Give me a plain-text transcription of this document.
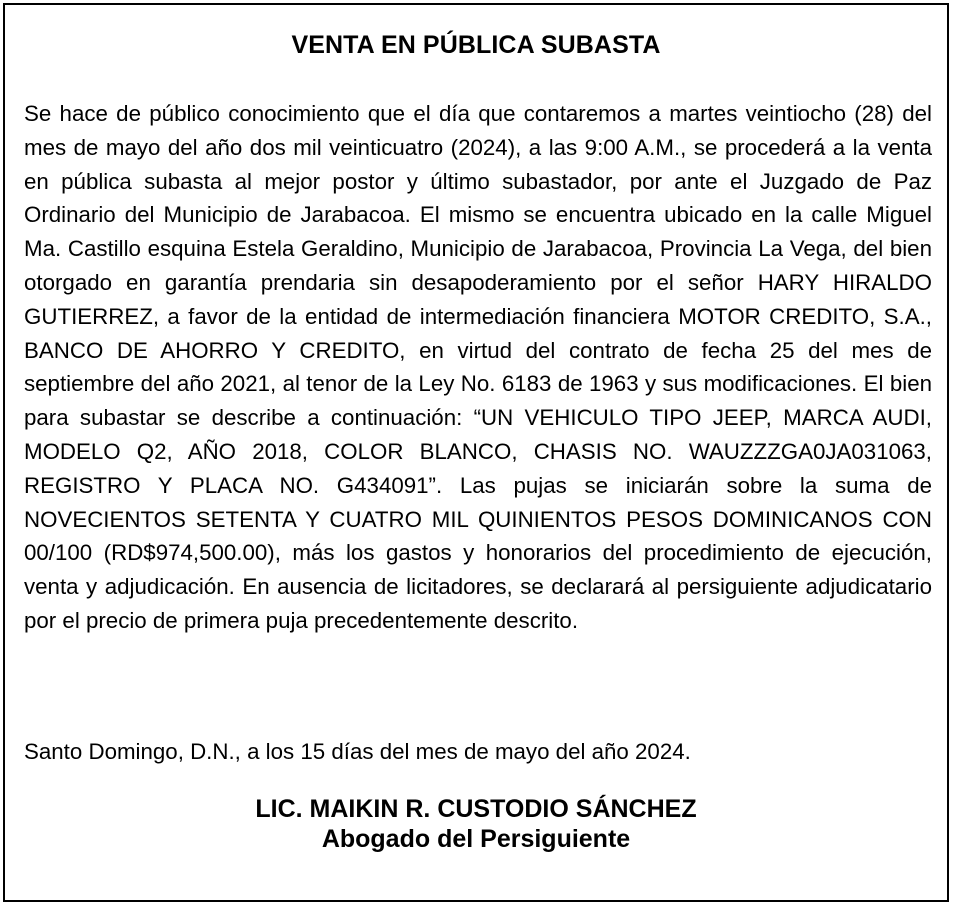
VENTA EN PÚBLICA SUBASTA

Se hace de público conocimiento que el día que contaremos a martes veintiocho (28) del mes de mayo del año dos mil veinticuatro (2024), a las 9:00 A.M., se procederá a la venta en pública subasta al mejor postor y último subastador, por ante el Juzgado de Paz Ordinario del Municipio de Jarabacoa. El mismo se encuentra ubicado en la calle Miguel Ma. Castillo esquina Estela Geraldino, Municipio de Jarabacoa, Provincia La Vega, del bien otorgado en garantía prendaria sin desapoderamiento por el señor HARY HIRALDO GUTIERREZ, a favor de la entidad de intermediación financiera MOTOR CREDITO, S.A., BANCO DE AHORRO Y CREDITO, en virtud del contrato de fecha 25 del mes de septiembre del año 2021, al tenor de la Ley No. 6183 de 1963 y sus modificaciones. El bien para subastar se describe a continuación: “UN VEHICULO TIPO JEEP, MARCA AUDI, MODELO Q2, AÑO 2018, COLOR BLANCO, CHASIS NO. WAUZZZGA0JA031063, REGISTRO Y PLACA NO. G434091”. Las pujas se iniciarán sobre la suma de NOVECIENTOS SETENTA Y CUATRO MIL QUINIENTOS PESOS DOMINICANOS CON 00/100 (RD$974,500.00), más los gastos y honorarios del procedimiento de ejecución, venta y adjudicación. En ausencia de licitadores, se declarará al persiguiente adjudicatario por el precio de primera puja precedentemente descrito.

Santo Domingo, D.N., a los 15 días del mes de mayo del año 2024.

LIC. MAIKIN R. CUSTODIO SÁNCHEZ
Abogado del Persiguiente
